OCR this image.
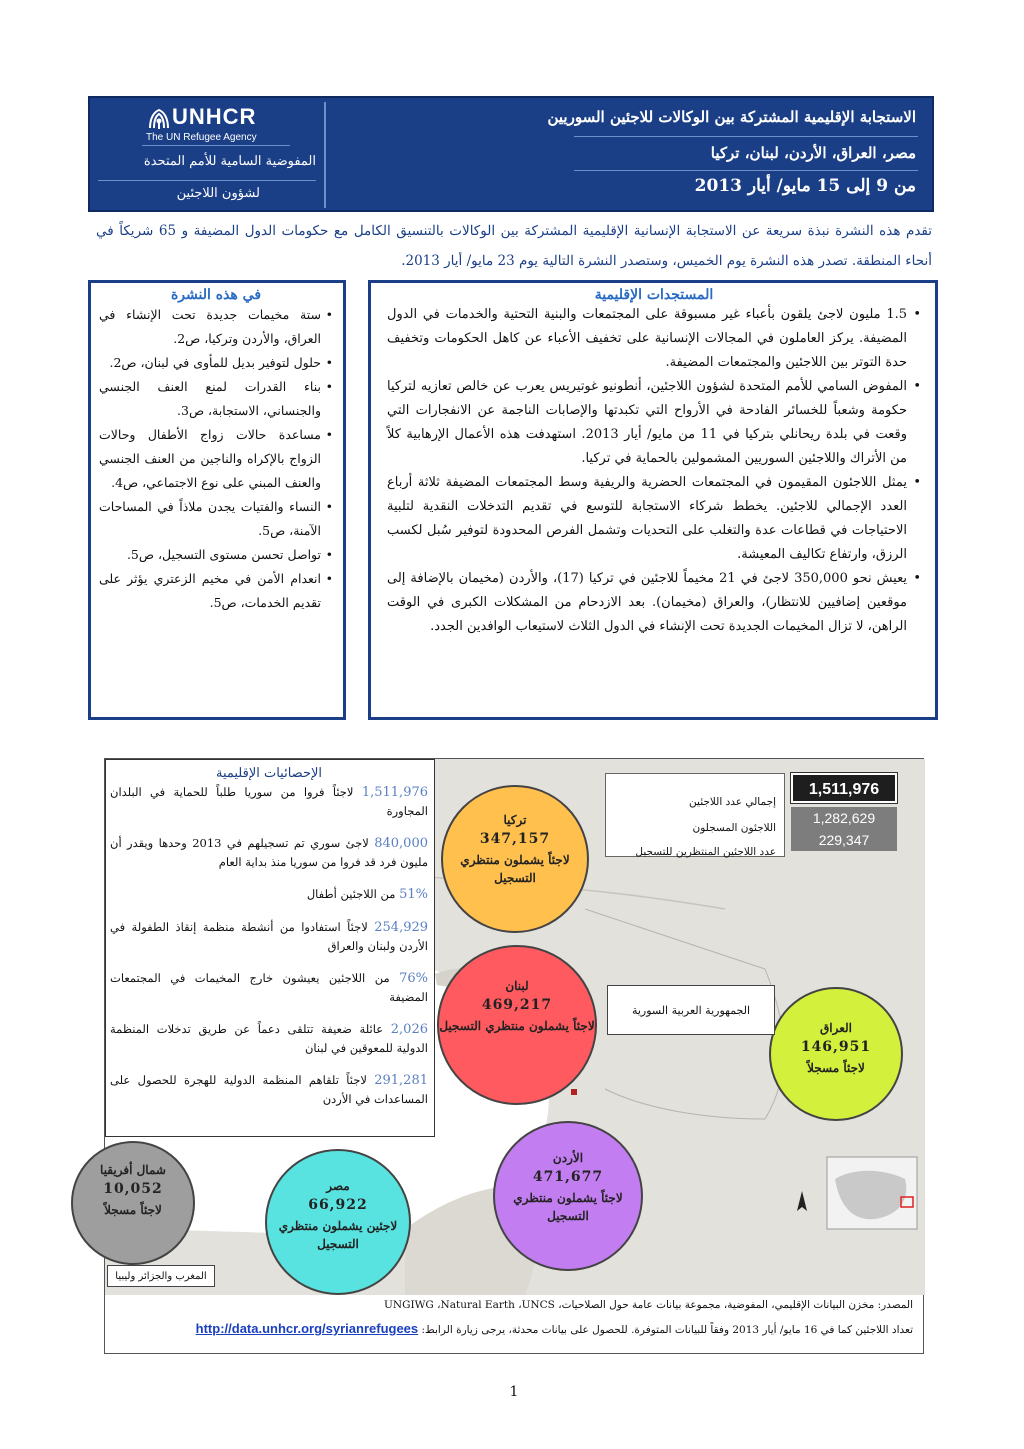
الاستجابة الإقليمية المشتركة بين الوكالات للاجئين السوريين
مصر، العراق، الأردن، لبنان، تركيا
من 9 إلى 15 مايو/ أيار 2013
UNHCR
The UN Refugee Agency
المفوضية السامية للأمم المتحدة
لشؤون اللاجئين

تقدم هذه النشرة نبذة سريعة عن الاستجابة الإنسانية الإقليمية المشتركة بين الوكالات بالتنسيق الكامل مع حكومات الدول المضيفة و 65 شريكاً في أنحاء المنطقة. تصدر هذه النشرة يوم الخميس، وستصدر النشرة التالية يوم 23 مايو/ أيار 2013.

المستجدات الإقليمية
• 1.5 مليون لاجئ يلقون بأعباء غير مسبوقة على المجتمعات والبنية التحتية والخدمات في الدول المضيفة. يركز العاملون في المجالات الإنسانية على تخفيف الأعباء عن كاهل الحكومات وتخفيف حدة التوتر بين اللاجئين والمجتمعات المضيفة.
• المفوض السامي للأمم المتحدة لشؤون اللاجئين، أنطونيو غوتيريس يعرب عن خالص تعازيه لتركيا حكومة وشعباً للخسائر الفادحة في الأرواح التي تكبدتها والإصابات الناجمة عن الانفجارات التي وقعت في بلدة ريحانلي بتركيا في 11 من مايو/ أيار 2013. استهدفت هذه الأعمال الإرهابية كلاً من الأتراك واللاجئين السوريين المشمولين بالحماية في تركيا.
• يمثل اللاجئون المقيمون في المجتمعات الحضرية والريفية وسط المجتمعات المضيفة ثلاثة أرباع العدد الإجمالي للاجئين. يخطط شركاء الاستجابة للتوسع في تقديم التدخلات النقدية لتلبية الاحتياجات في قطاعات عدة والتغلب على التحديات وتشمل الفرص المحدودة لتوفير سُبل لكسب الرزق، وارتفاع تكاليف المعيشة.
• يعيش نحو 350,000 لاجئ في 21 مخيماً للاجئين في تركيا (17)، والأردن (مخيمان بالإضافة إلى موقعين إضافيين للانتظار)، والعراق (مخيمان). بعد الازدحام من المشكلات الكبرى في الوقت الراهن، لا تزال المخيمات الجديدة تحت الإنشاء في الدول الثلاث لاستيعاب الوافدين الجدد.
في هذه النشرة
• ستة مخيمات جديدة تحت الإنشاء في العراق، والأردن وتركيا، ص2.
• حلول لتوفير بديل للمأوى في لبنان، ص2.
• بناء القدرات لمنع العنف الجنسي والجنساني، الاستجابة، ص3.
• مساعدة حالات زواج الأطفال وحالات الزواج بالإكراه والناجين من العنف الجنسي والعنف المبني على نوع الاجتماعي، ص4.
• النساء والفتيات يجدن ملاذاً في المساحات الآمنة، ص5.
• تواصل تحسن مستوى التسجيل، ص5.
• انعدام الأمن في مخيم الزعتري يؤثر على تقديم الخدمات، ص5.
الإحصائيات الإقليمية
1,511,976 لاجئاً فروا من سوريا طلباً للحماية في البلدان المجاورة
840,000 لاجئ سوري تم تسجيلهم في 2013 وحدها ويقدر أن مليون فرد قد فروا من سوريا منذ بداية العام
51% من اللاجئين أطفال
254,929 لاجئاً استفادوا من أنشطة منظمة إنقاذ الطفولة في الأردن ولبنان والعراق
76% من اللاجئين يعيشون خارج المخيمات في المجتمعات المضيفة
2,026 عائلة ضعيفة تتلقى دعماً عن طريق تدخلات المنظمة الدولية للمعوقين في لبنان
291,281 لاجئاً تلقاهم المنظمة الدولية للهجرة للحصول على المساعدات في الأردن
إجمالي عدد اللاجئين
اللاجئون المسجلون
عدد اللاجئين المنتظرين للتسجيل
1,511,976
1,282,629
229,347
تركيا
347,157
لاجئاً يشملون منتظري التسجيل
لبنان
469,217
لاجئاً يشملون منتظري التسجيل	العراق
146,951
لاجئاً مسجلاً
الأردن
471,677
لاجئاً يشملون منتظري التسجيل
مصر
66,922
لاجئين يشملون منتظري التسجيل
شمال أفريقيا
10,052
لاجئاً مسجلاً
الجمهورية العربية السورية
المغرب والجزائر وليبيا
المصدر: مخزن البيانات الإقليمي، المفوضية، مجموعة بيانات عامة حول الصلاحيات، UNGIWG ،Natural Earth ،UNCS
تعداد اللاجئين كما في 16 مايو/ أيار 2013 وفقاً للبيانات المتوفرة. للحصول على بيانات محدثة، يرجى زيارة الرابط: http://data.unhcr.org/syrianrefugees
1
